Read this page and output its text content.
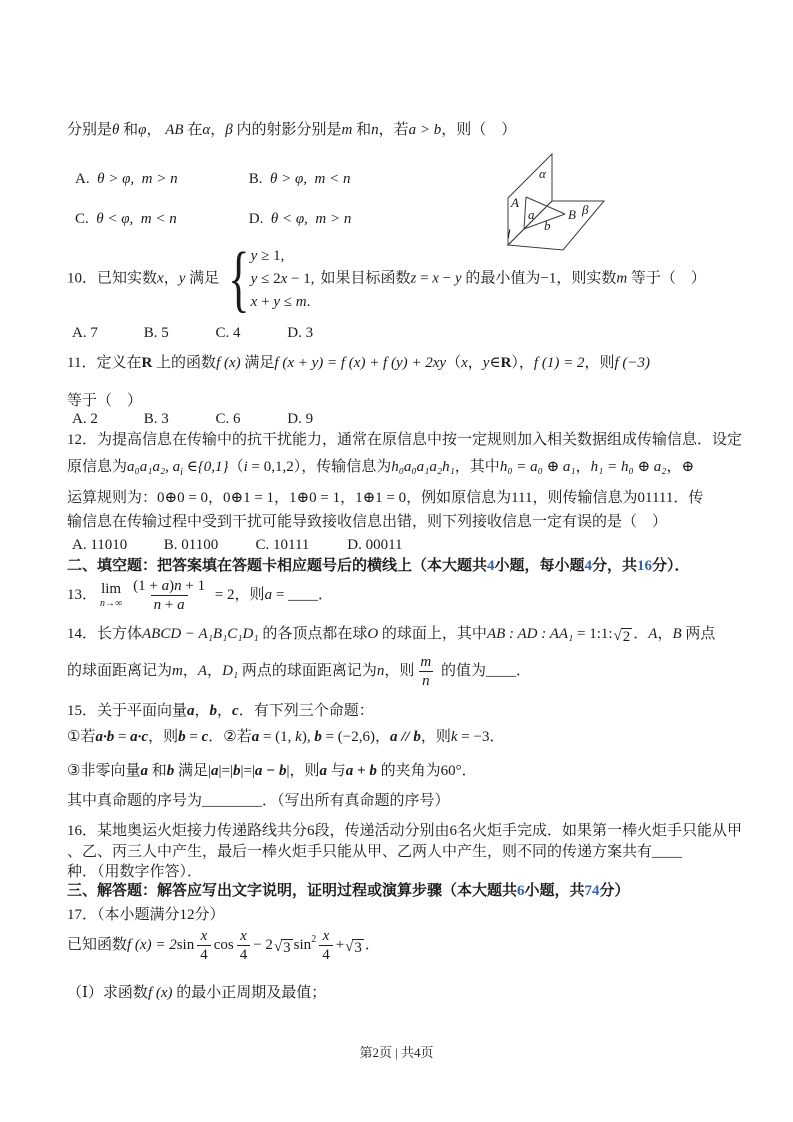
分别是θ 和φ， AB 在α，β 内的射影分别是m 和n，若a > b，则（　）
A.  θ > φ,  m > n	B.  θ > φ,  m < n
C.  θ < φ,  m < n	D.  θ < φ,  m > n
α
A
a
b
B β
l
10．已知实数x，y 满足 { y ≥ 1,
y ≤ 2x − 1,
x + y ≤ m.
如果目标函数z = x − y 的最小值为−1，则实数m 等于（　）
A. 7	B. 5	C. 4	D. 3
11．定义在R 上的函数f (x) 满足f (x + y) = f (x) + f (y) + 2xy（x，y∈R），f (1) = 2，则f (−3)
等于（　）
A. 2	B. 3	C. 6	D. 9
12．为提高信息在传输中的抗干扰能力，通常在原信息中按一定规则加入相关数据组成传输信息．设定
原信息为a₀a₁a₂, $a_i$ ∈{0,1}（i = 0,1,2），传输信息为h₀a₀a₁a₂h₁，其中h₀ = a₀ ⊕ a₁，h₁ = h₀ ⊕ a₂，⊕
运算规则为：0⊕0 = 0，0⊕1 = 1，1⊕0 = 1，1⊕1 = 0，例如原信息为111，则传输信息为01111．传
输信息在传输过程中受到干扰可能导致接收信息出错，则下列接收信息一定有误的是（　）
A. 11010 B. 01100 C. 10111	D. 00011
二、填空题：把答案填在答题卡相应题号后的横线上（本大题共4小题，每小题4分，共16分）．
13． lim
$n\to\infty \frac{(1 + a)n + 1}{n + a} = 2$，则a = ____．
14．长方体ABCD − A₁B₁C₁D₁ 的各顶点都在球O 的球面上，其中AB : AD : AA₁ = 1:1: √ 2 ．A，B 两点
的球面距离记为m，A，D₁ 两点的球面距离记为n，则 $\frac{m}{n}$ 的值为____．
15．关于平面向量a，b，c．有下列三个命题：
①若a·b = a·c，则b = c．②若a = (1, k), b = (−2,6)，a // b，则k = −3．
③非零向量a 和b 满足|a|=|b|=|a − b|，则a 与a + b 的夹角为60°．
其中真命题的序号为________．（写出所有真命题的序号）
16．某地奥运火炬接力传递路线共分6段，传递活动分别由6名火炬手完成．如果第一棒火炬手只能从甲
、乙、丙三人中产生，最后一棒火炬手只能从甲、乙两人中产生，则不同的传递方案共有____
种．（用数字作答）．
三、解答题：解答应写出文字说明，证明过程或演算步骤（本大题共6小题，共74分）
17．（本小题满分12分）
已知函数f $(x) = 2\sin \frac{x}{4}$ $\cos \frac{x}{4} - 2$ √ 3 $\sin^2 \frac{x}{4}$ + √ 3 ．
（Ⅰ）求函数f (x) 的最小正周期及最值；
第2页 | 共4页
